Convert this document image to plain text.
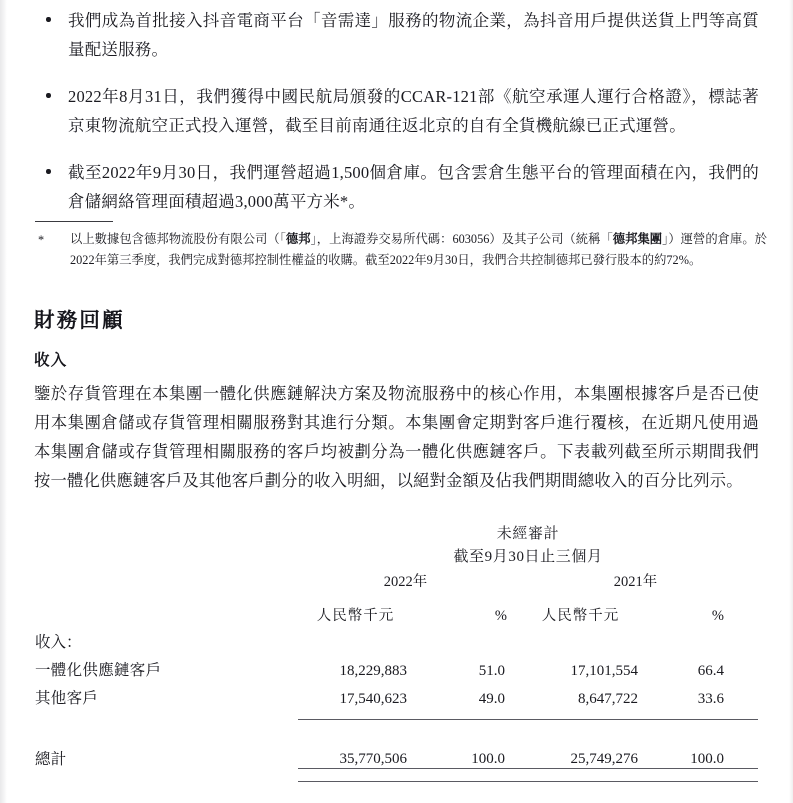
我們成為首批接入抖音電商平台「音需達」服務的物流企業，為抖音用戶提供送貨上門等高質量配送服務。
2022年8月31日，我們獲得中國民航局頒發的CCAR-121部《航空承運人運行合格證》，標誌著京東物流航空正式投入運營，截至目前南通往返北京的自有全貨機航線已正式運營。
截至2022年9月30日，我們運營超過1,500個倉庫。包含雲倉生態平台的管理面積在內，我們的倉儲網絡管理面積超過3,000萬平方米*。
* 以上數據包含德邦物流股份有限公司（「德邦」，上海證券交易所代碼：603056）及其子公司（統稱「德邦集團」）運營的倉庫。於2022年第三季度，我們完成對德邦控制性權益的收購。截至2022年9月30日，我們合共控制德邦已發行股本的約72%。
財務回顧
收入
鑒於存貨管理在本集團一體化供應鏈解決方案及物流服務中的核心作用，本集團根據客戶是否已使用本集團倉儲或存貨管理相關服務對其進行分類。本集團會定期對客戶進行覆核，在近期凡使用過本集團倉儲或存貨管理相關服務的客戶均被劃分為一體化供應鏈客戶。下表載列截至所示期間我們按一體化供應鏈客戶及其他客戶劃分的收入明細，以絕對金額及佔我們期間總收入的百分比列示。
	未經審計				
	截至9月30日止三個月				
	2022年		2021年		
	人民幣千元	%	人民幣千元	%	
收入：					
一體化供應鏈客戶	18,229,883	51.0	17,101,554	66.4	
其他客戶	17,540,623	49.0	8,647,722	33.6	

總計	35,770,506	100.0	25,749,276	100.0	
